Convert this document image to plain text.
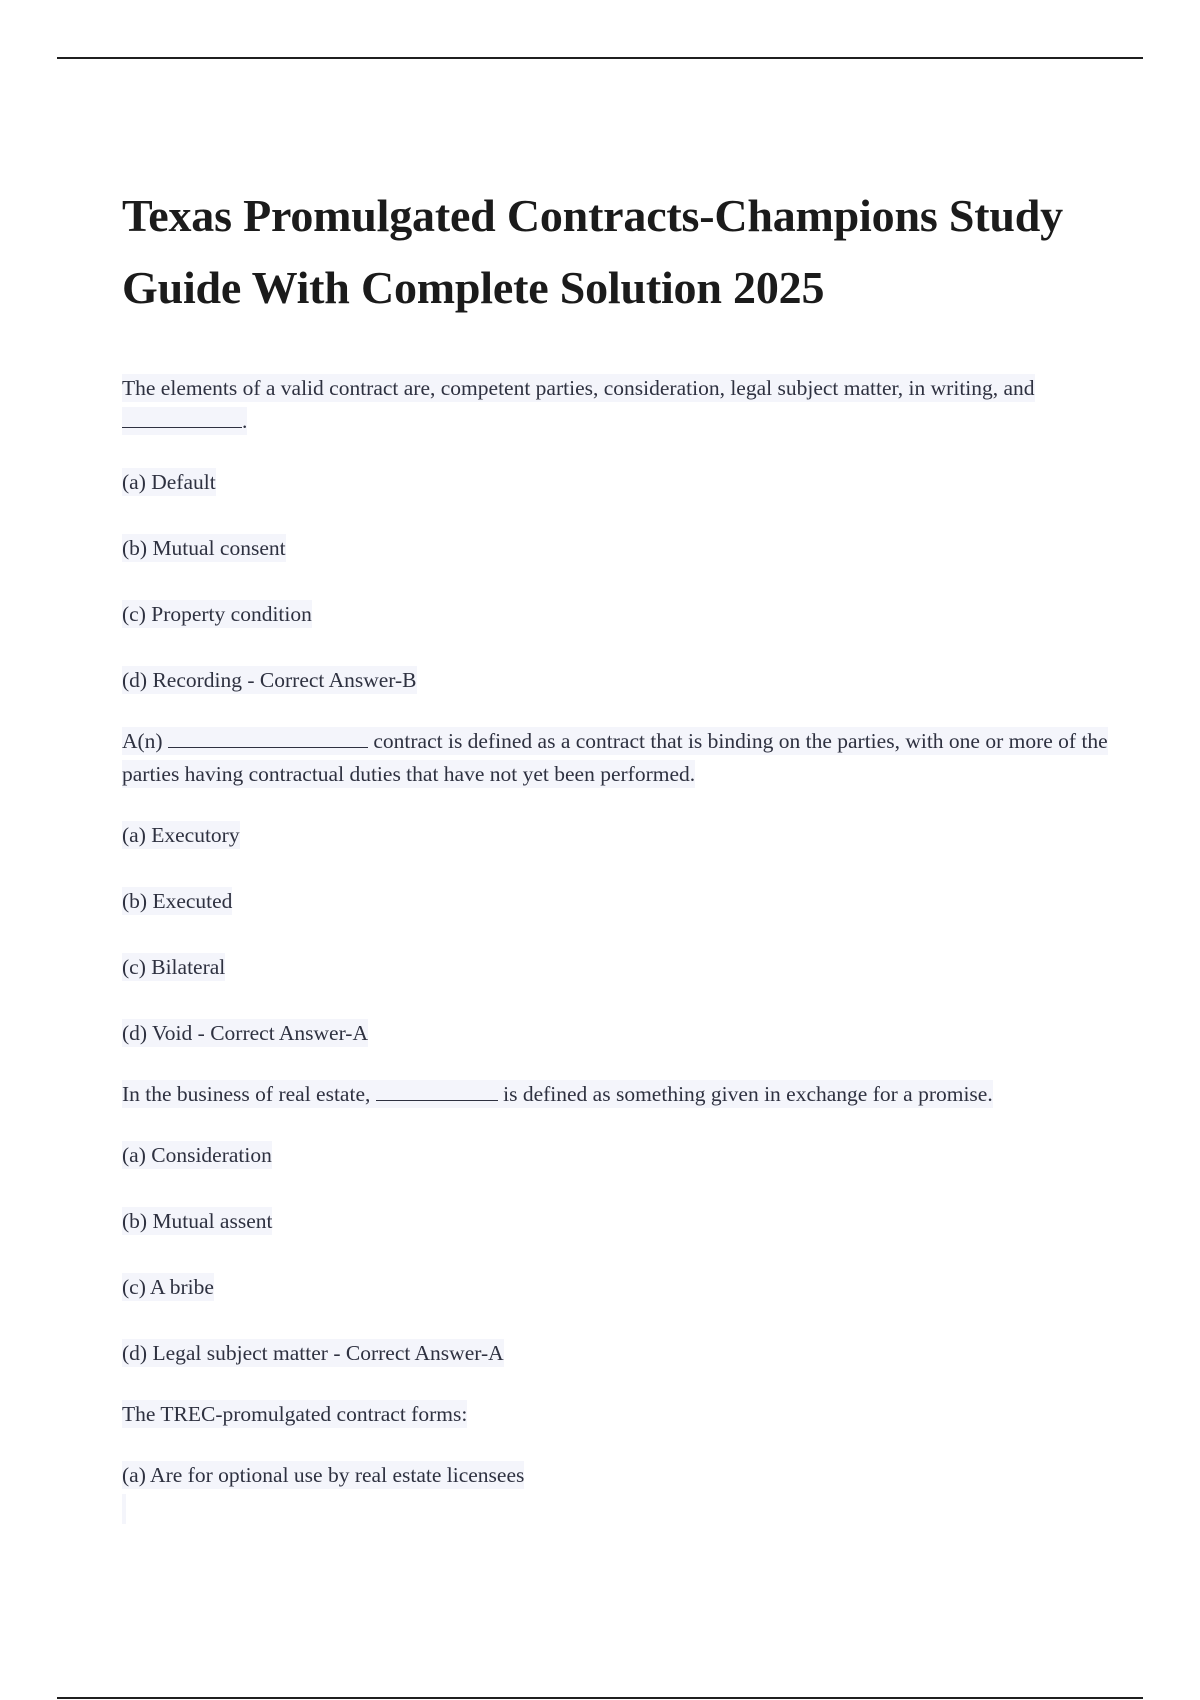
Texas Promulgated Contracts-Champions Study Guide With Complete Solution 2025
The elements of a valid contract are, competent parties, consideration, legal subject matter, in writing, and
.
(a) Default
(b) Mutual consent
(c) Property condition
(d) Recording - Correct Answer-B
A(n)	contract is defined as a contract that is binding on the parties, with one or more of the parties having contractual duties that have not yet been performed.
(a) Executory
(b) Executed
(c) Bilateral
(d) Void - Correct Answer-A
In the business of real estate,	is defined as something given in exchange for a promise.
(a) Consideration
(b) Mutual assent
(c) A bribe
(d) Legal subject matter - Correct Answer-A
The TREC-promulgated contract forms:
(a) Are for optional use by real estate licensees
